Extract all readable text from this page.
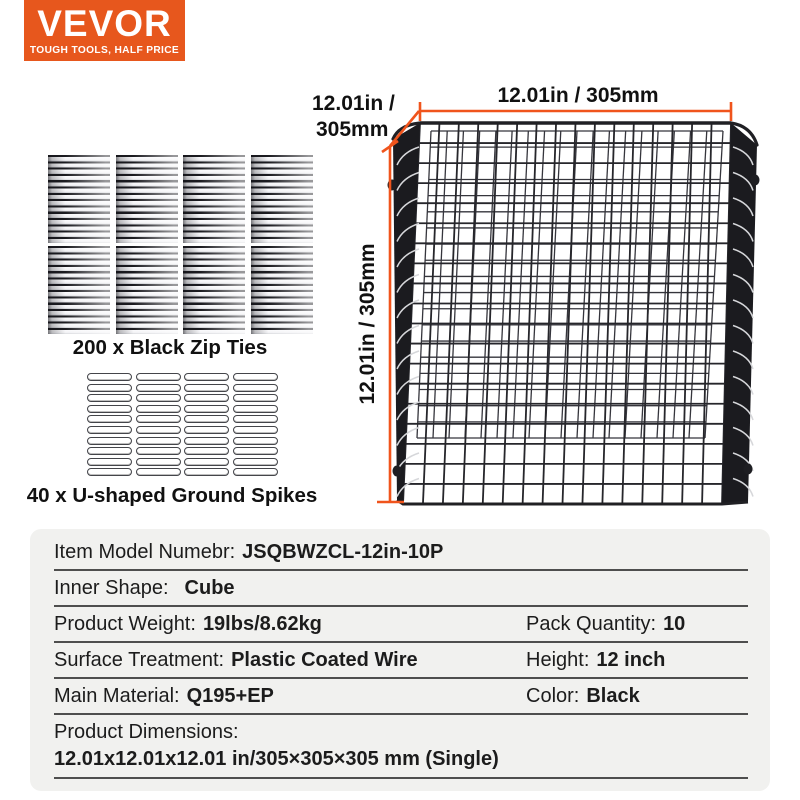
VEVOR
TOUGH TOOLS, HALF PRICE
200 x Black Zip Ties
40 x U-shaped Ground Spikes
12.01in / 305mm
12.01in /
305mm
12.01in / 305mm
Item Model Numebr: JSQBWZCL-12in-10P
Inner Shape: Cube
Product Weight: 19lbs/8.62kg	Pack Quantity: 10
Surface Treatment: Plastic Coated Wire	Height: 12 inch
Main Material: Q195+EP	Color: Black
Product Dimensions:
12.01x12.01x12.01 in/305×305×305 mm (Single)
